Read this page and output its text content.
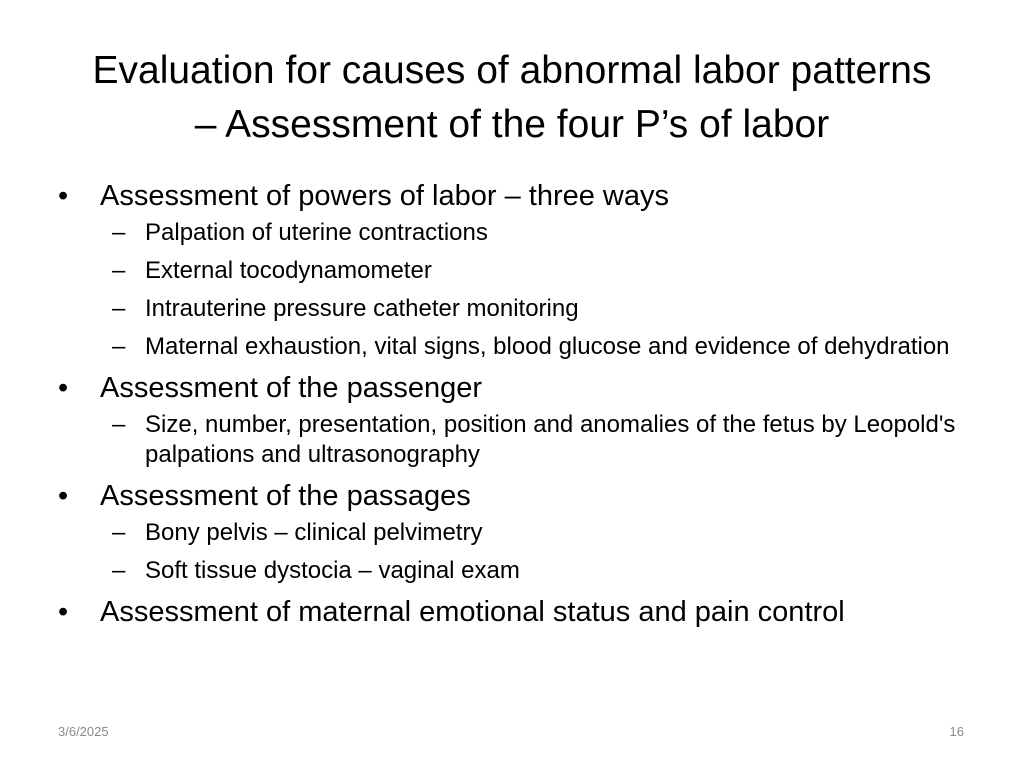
Evaluation for causes of abnormal labor patterns
– Assessment of the four P’s of labor
•
Assessment of powers of labor – three ways
–
Palpation of uterine contractions
–
External tocodynamometer
–
Intrauterine pressure catheter monitoring
–
Maternal exhaustion, vital signs, blood glucose and evidence of dehydration
•
Assessment of the passenger
–
Size, number, presentation, position and anomalies of the fetus by Leopold's palpations and ultrasonography
•
Assessment of the passages
–
Bony pelvis – clinical pelvimetry
–
Soft tissue dystocia – vaginal exam
•
Assessment of maternal emotional status and pain control
3/6/2025	16
